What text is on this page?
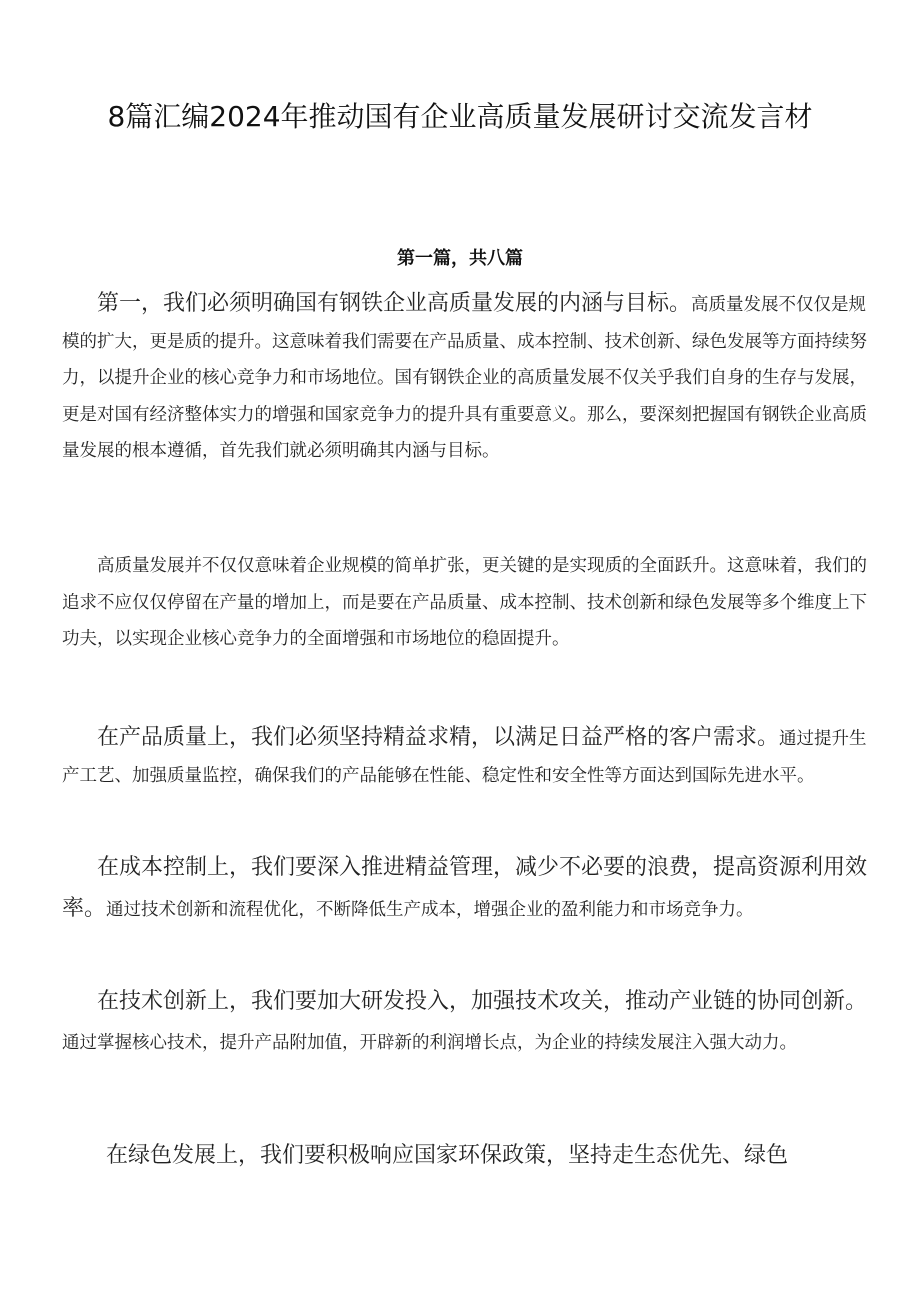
8篇汇编2024年推动国有企业高质量发展研讨交流发言材
第一篇，共八篇

第一，我们必须明确国有钢铁企业高质量发展的内涵与目标。高质量发展不仅仅是规模的扩大，更是质的提升。这意味着我们需要在产品质量、成本控制、技术创新、绿色发展等方面持续努力，以提升企业的核心竞争力和市场地位。国有钢铁企业的高质量发展不仅关乎我们自身的生存与发展，更是对国有经济整体实力的增强和国家竞争力的提升具有重要意义。那么，要深刻把握国有钢铁企业高质量发展的根本遵循，首先我们就必须明确其内涵与目标。

高质量发展并不仅仅意味着企业规模的简单扩张，更关键的是实现质的全面跃升。这意味着，我们的追求不应仅仅停留在产量的增加上，而是要在产品质量、成本控制、技术创新和绿色发展等多个维度上下功夫，以实现企业核心竞争力的全面增强和市场地位的稳固提升。

在产品质量上，我们必须坚持精益求精，以满足日益严格的客户需求。通过提升生产工艺、加强质量监控，确保我们的产品能够在性能、稳定性和安全性等方面达到国际先进水平。

在成本控制上，我们要深入推进精益管理，减少不必要的浪费，提高资源利用效率。通过技术创新和流程优化，不断降低生产成本，增强企业的盈利能力和市场竞争力。

在技术创新上，我们要加大研发投入，加强技术攻关，推动产业链的协同创新。通过掌握核心技术，提升产品附加值，开辟新的利润增长点，为企业的持续发展注入强大动力。

在绿色发展上，我们要积极响应国家环保政策，坚持走生态优先、绿色
